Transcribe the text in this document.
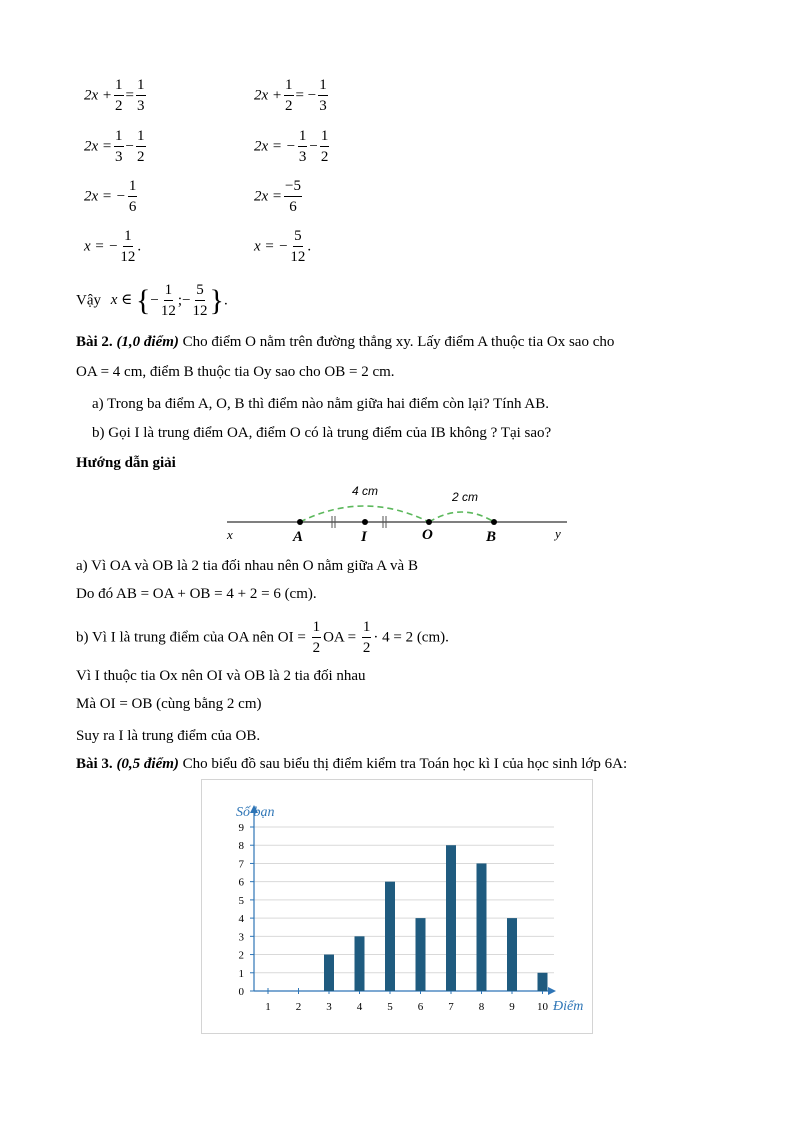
$2x + \frac{1}{2} = \frac{1}{3}$
$2x = \frac{1}{3} - \frac{1}{2}$
2x = − $\frac{1}{6}$
x = − $\frac{1}{12}$ .
$2x + \frac{1}{2}$ = − $\frac{1}{3}$
2x = − $\frac{1}{3} - \frac{1}{2}$
$2x = \frac{-5}{6}$
x = − $\frac{5}{12}$ .
Vậy x ∈ {− $\frac{1}{12}$ ;− $\frac{5}{12}$ }.
Bài 2. (1,0 điểm) Cho điểm O nằm trên đường thẳng xy. Lấy điểm A thuộc tia Ox sao cho
OA = 4 cm, điểm B thuộc tia Oy sao cho OB = 2 cm.
a) Trong ba điểm A, O, B thì điểm nào nằm giữa hai điểm còn lại? Tính AB.
b) Gọi I là trung điểm OA, điểm O có là trung điểm của IB không ? Tại sao?
Hướng dẫn giải
x	A	I	O	B	y
4 cm	2 cm
a) Vì OA và OB là 2 tia đối nhau nên O nằm giữa A và B
Do đó AB = OA + OB = 4 + 2 = 6 (cm).
b) Vì I là trung điểm của OA nên OI = $\frac{1}{2}$ OA = $\frac{1}{2} \cdot 4 = 2$ (cm).
Vì I thuộc tia Ox nên OI và OB là 2 tia đối nhau
Mà OI = OB (cùng bằng 2 cm)
Suy ra I là trung điểm của OB.
Bài 3. (0,5 điểm) Cho biểu đồ sau biểu thị điểm kiểm tra Toán học kì I của học sinh lớp 6A:
0
1
2
3
4
5
6
7
8
9
1 2 3 4 5 6 7 8 9 10
Số bạn
Điểm
